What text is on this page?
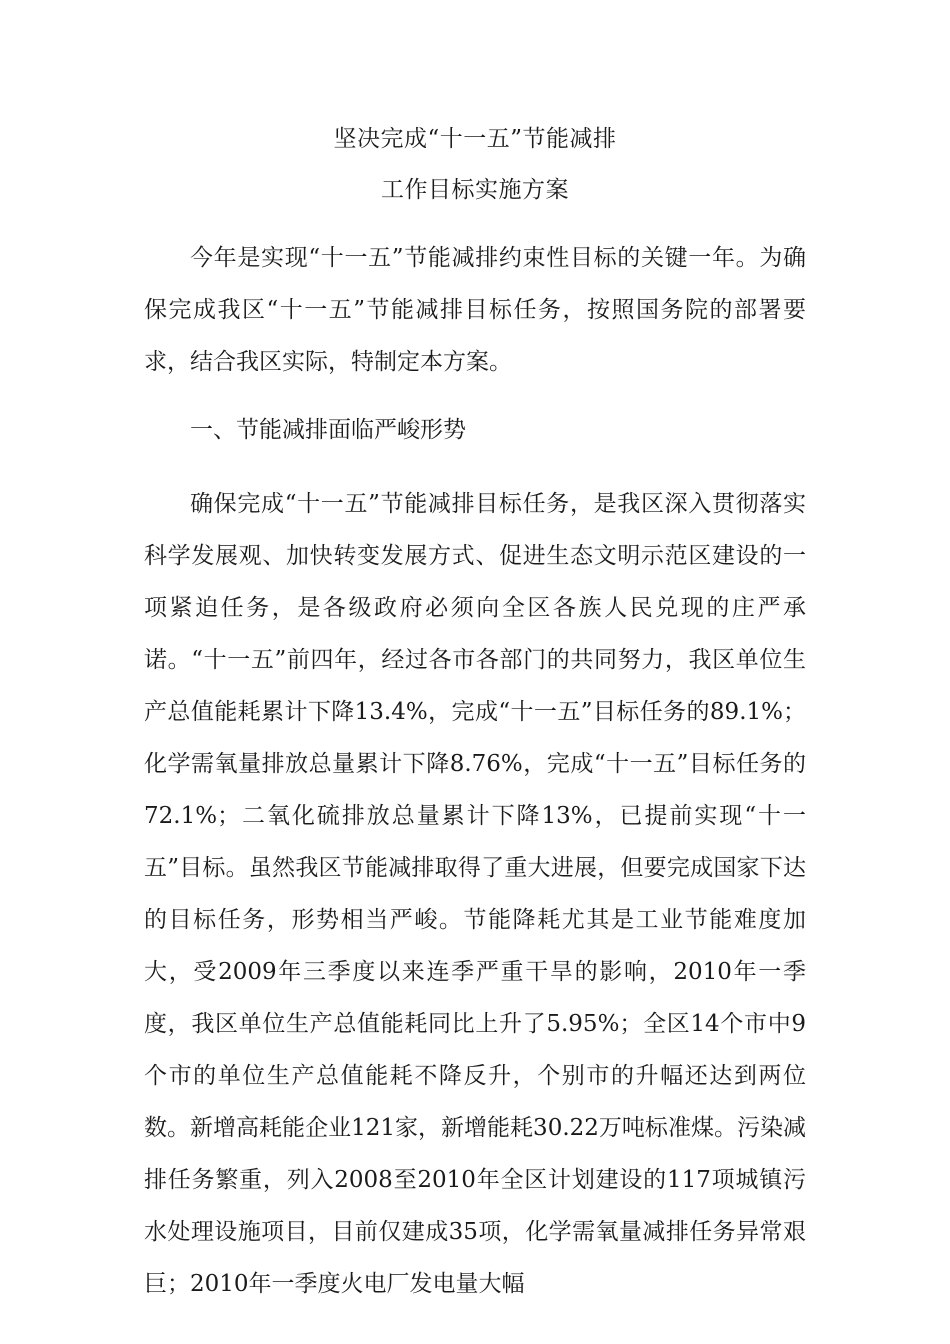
坚决完成“十一五”节能减排
工作目标实施方案

今年是实现“十一五”节能减排约束性目标的关键一年。为确保完成我区“十一五”节能减排目标任务，按照国务院的部署要求，结合我区实际，特制定本方案。

一、节能减排面临严峻形势

确保完成“十一五”节能减排目标任务，是我区深入贯彻落实科学发展观、加快转变发展方式、促进生态文明示范区建设的一项紧迫任务，是各级政府必须向全区各族人民兑现的庄严承诺。“十一五”前四年，经过各市各部门的共同努力，我区单位生产总值能耗累计下降13.4%，完成“十一五”目标任务的89.1%；化学需氧量排放总量累计下降8.76%，完成“十一五”目标任务的72.1%；二氧化硫排放总量累计下降13%，已提前实现“十一五”目标。虽然我区节能减排取得了重大进展，但要完成国家下达的目标任务，形势相当严峻。节能降耗尤其是工业节能难度加大，受2009年三季度以来连季严重干旱的影响，2010年一季度，我区单位生产总值能耗同比上升了5.95%；全区14个市中9个市的单位生产总值能耗不降反升，个别市的升幅还达到两位数。新增高耗能企业121家，新增能耗30.22万吨标准煤。污染减排任务繁重，列入2008至2010年全区计划建设的117项城镇污水处理设施项目，目前仅建成35项，化学需氧量减排任务异常艰巨；2010年一季度火电厂发电量大幅
